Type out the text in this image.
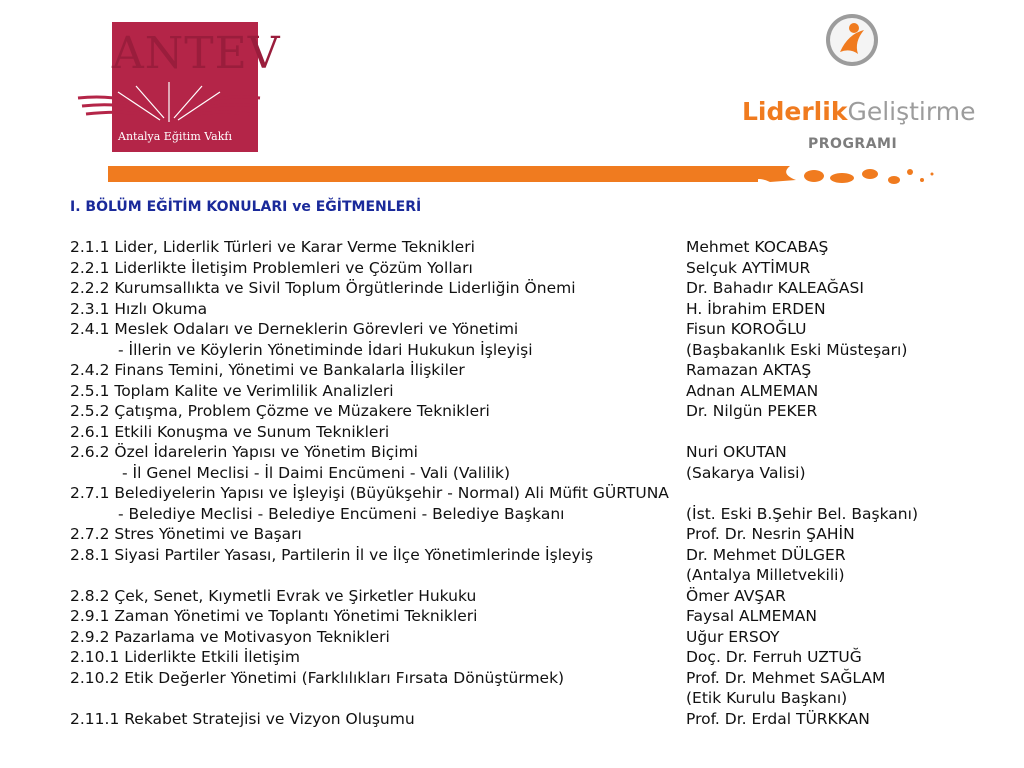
ANTEV
Antalya Eğitim Vakfı
LiderlikGeliştirme
PROGRAMI
I. BÖLÜM EĞİTİM KONULARI ve EĞİTMENLERİ
2.1.1 Lider, Liderlik Türleri ve Karar Verme Teknikleri	Mehmet KOCABAŞ
2.2.1 Liderlikte İletişim Problemleri ve Çözüm Yolları	Selçuk AYTİMUR
2.2.2 Kurumsallıkta ve Sivil Toplum Örgütlerinde Liderliğin Önemi	Dr. Bahadır KALEAĞASI
2.3.1 Hızlı Okuma	H. İbrahim ERDEN
2.4.1 Meslek Odaları ve Derneklerin Görevleri ve Yönetimi	Fisun KOROĞLU
- İllerin ve Köylerin Yönetiminde İdari Hukukun İşleyişi	(Başbakanlık Eski Müsteşarı)
2.4.2 Finans Temini, Yönetimi ve Bankalarla İlişkiler	Ramazan AKTAŞ
2.5.1 Toplam Kalite ve Verimlilik Analizleri	Adnan ALMEMAN
2.5.2 Çatışma, Problem Çözme ve Müzakere Teknikleri	Dr. Nilgün PEKER
2.6.1 Etkili Konuşma ve Sunum Teknikleri
2.6.2 Özel İdarelerin Yapısı ve Yönetim Biçimi	Nuri OKUTAN
- İl Genel Meclisi - İl Daimi Encümeni - Vali (Valilik)	(Sakarya Valisi)
2.7.1 Belediyelerin Yapısı ve İşleyişi (Büyükşehir - Normal) Ali Müfit GÜRTUNA
- Belediye Meclisi - Belediye Encümeni - Belediye Başkanı	(İst. Eski B.Şehir Bel. Başkanı)
2.7.2 Stres Yönetimi ve Başarı	Prof. Dr. Nesrin ŞAHİN
2.8.1 Siyasi Partiler Yasası, Partilerin İl ve İlçe Yönetimlerinde İşleyiş	Dr. Mehmet DÜLGER
(Antalya Milletvekili)
2.8.2 Çek, Senet, Kıymetli Evrak ve Şirketler Hukuku	Ömer AVŞAR
2.9.1 Zaman Yönetimi ve Toplantı Yönetimi Teknikleri	Faysal ALMEMAN
2.9.2 Pazarlama ve Motivasyon Teknikleri	Uğur ERSOY
2.10.1 Liderlikte Etkili İletişim	Doç. Dr. Ferruh UZTUĞ
2.10.2 Etik Değerler Yönetimi (Farklılıkları Fırsata Dönüştürmek)	Prof. Dr. Mehmet SAĞLAM
(Etik Kurulu Başkanı)
2.11.1 Rekabet Stratejisi ve Vizyon Oluşumu	Prof. Dr. Erdal TÜRKKAN
